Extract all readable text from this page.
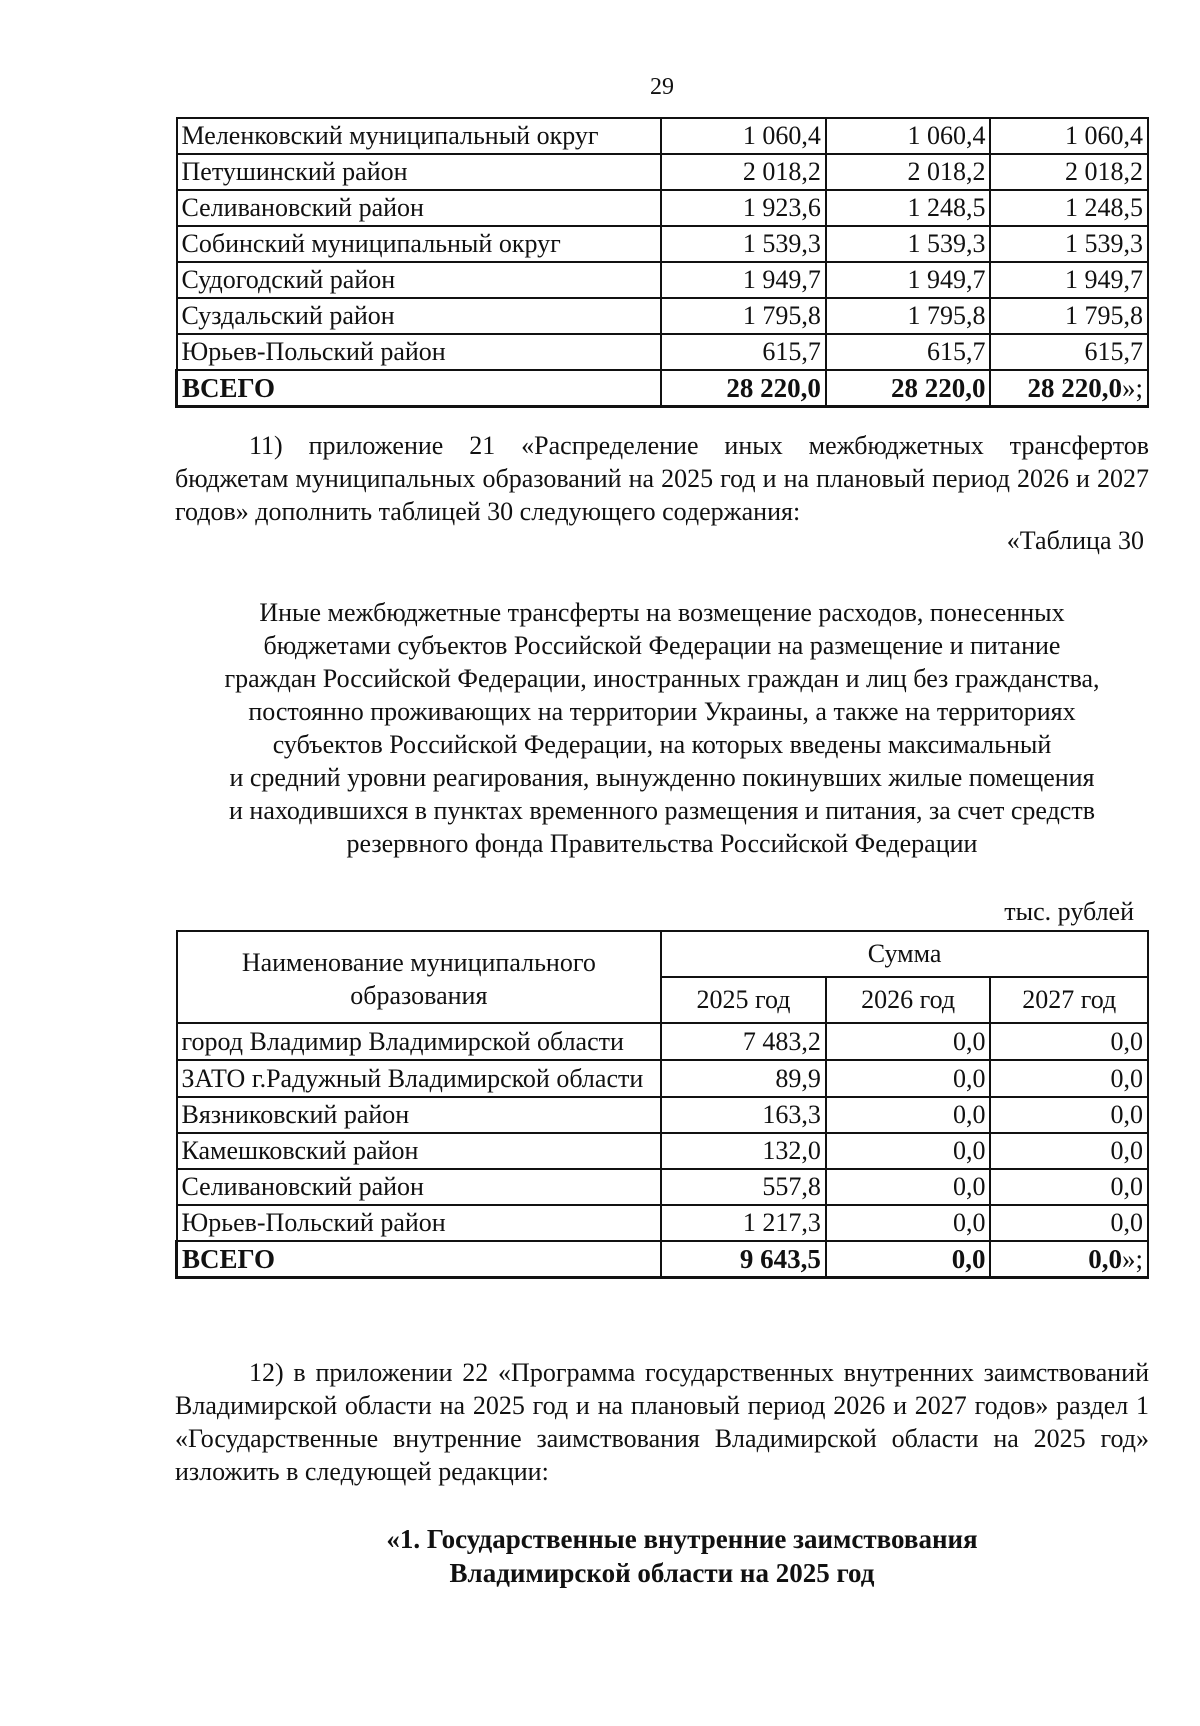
29
Меленковский муниципальный округ	1 060,4	1 060,4	1 060,4
Петушинский район	2 018,2	2 018,2	2 018,2
Селивановский район	1 923,6	1 248,5	1 248,5
Собинский муниципальный округ	1 539,3	1 539,3	1 539,3
Судогодский район	1 949,7	1 949,7	1 949,7
Суздальский район	1 795,8	1 795,8	1 795,8
Юрьев-Польский район	615,7	615,7	615,7
ВСЕГО	28 220,0	28 220,0	28 220,0»;
11) приложение 21 «Распределение иных межбюджетных трансфертов бюджетам муниципальных образований на 2025 год и на плановый период 2026 и 2027 годов» дополнить таблицей 30 следующего содержания:
«Таблица 30
Иные межбюджетные трансферты на возмещение расходов, понесенных
бюджетами субъектов Российской Федерации на размещение и питание
граждан Российской Федерации, иностранных граждан и лиц без гражданства,
постоянно проживающих на территории Украины, а также на территориях
субъектов Российской Федерации, на которых введены максимальный
и средний уровни реагирования, вынужденно покинувших жилые помещения
и находившихся в пунктах временного размещения и питания, за счет средств
резервного фонда Правительства Российской Федерации
тыс. рублей
Наименование муниципального образования	Сумма		
	2025 год	2026 год	2027 год
город Владимир Владимирской области	7 483,2	0,0	0,0
ЗАТО г.Радужный Владимирской области	89,9	0,0	0,0
Вязниковский район	163,3	0,0	0,0
Камешковский район	132,0	0,0	0,0
Селивановский район	557,8	0,0	0,0
Юрьев-Польский район	1 217,3	0,0	0,0
ВСЕГО	9 643,5	0,0	0,0»;
12) в приложении 22 «Программа государственных внутренних заимствований Владимирской области на 2025 год и на плановый период 2026 и 2027 годов» раздел 1 «Государственные внутренние заимствования Владимирской области на 2025 год» изложить в следующей редакции:
«1. Государственные внутренние заимствования
Владимирской области на 2025 год
